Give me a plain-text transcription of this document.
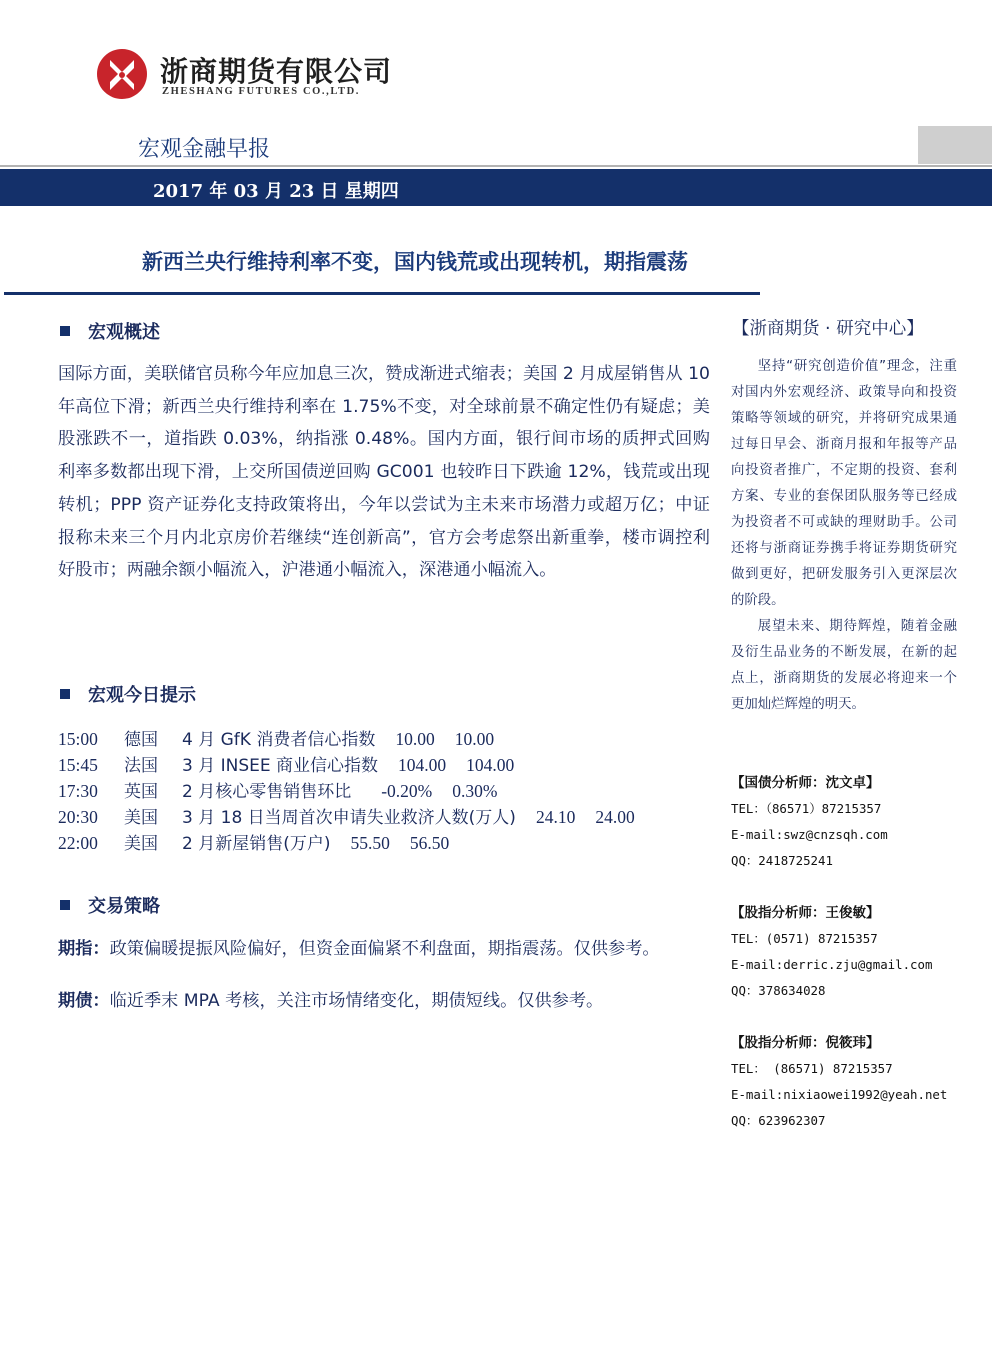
浙商期货有限公司
ZHESHANG FUTURES CO.,LTD.
宏观金融早报
2017 年 03 月 23 日 星期四
新西兰央行维持利率不变，国内钱荒或出现转机，期指震荡
宏观概述
国际方面，美联储官员称今年应加息三次，赞成渐进式缩表；美国 2 月成屋销售从 10 年高位下滑；新西兰央行维持利率在 1.75%不变，对全球前景不确定性仍有疑虑；美股涨跌不一，道指跌 0.03%，纳指涨 0.48%。国内方面，银行间市场的质押式回购利率多数都出现下滑，上交所国债逆回购 GC001 也较昨日下跌逾 12%，钱荒或出现转机；PPP 资产证券化支持政策将出，今年以尝试为主未来市场潜力或超万亿；中证报称未来三个月内北京房价若继续“连创新高”，官方会考虑祭出新重拳，楼市调控利好股市；两融余额小幅流入，沪港通小幅流入，深港通小幅流入。
宏观今日提示
15:00 德国 4 月 GfK 消费者信心指数 10.00 10.00
15:45 法国 3 月 INSEE 商业信心指数 104.00 104.00
17:30 英国 2 月核心零售销售环比 -0.20% 0.30%
20:30 美国 3 月 18 日当周首次申请失业救济人数(万人) 24.10 24.00
22:00 美国 2 月新屋销售(万户) 55.50 56.50
交易策略
期指：政策偏暖提振风险偏好，但资金面偏紧不利盘面，期指震荡。仅供参考。
期债：临近季末 MPA 考核，关注市场情绪变化，期债短线。仅供参考。
【浙商期货 · 研究中心】
坚持“研究创造价值”理念，注重对国内外宏观经济、政策导向和投资策略等领域的研究，并将研究成果通过每日早会、浙商月报和年报等产品向投资者推广，不定期的投资、套利方案、专业的套保团队服务等已经成为投资者不可或缺的理财助手。公司还将与浙商证券携手将证券期货研究做到更好，把研发服务引入更深层次的阶段。
展望未来、期待辉煌，随着金融及衍生品业务的不断发展，在新的起点上，浙商期货的发展必将迎来一个更加灿烂辉煌的明天。
【国债分析师：沈文卓】
TEL：（86571）87215357
E-mail:swz@cnzsqh.com
QQ：2418725241
【股指分析师：王俊敏】
TEL：(0571) 87215357
E-mail:derric.zju@gmail.com
QQ：378634028
【股指分析师：倪筱玮】
TEL： (86571) 87215357
E-mail:nixiaowei1992@yeah.net
QQ：623962307
